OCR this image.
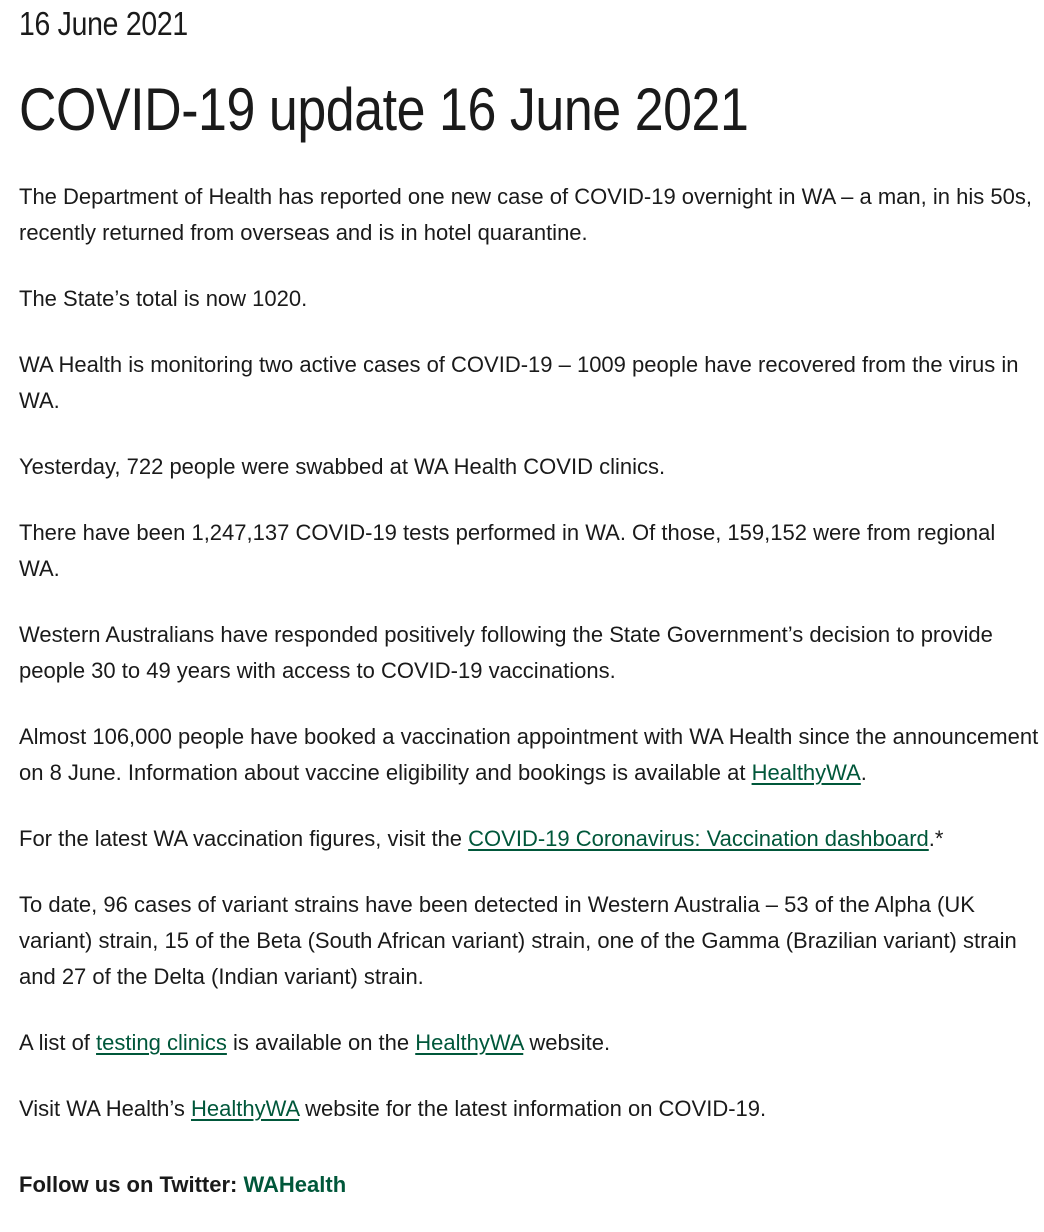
16 June 2021
COVID-19 update 16 June 2021

The Department of Health has reported one new case of COVID-19 overnight in WA – a man, in his 50s, recently returned from overseas and is in hotel quarantine.

The State’s total is now 1020.

WA Health is monitoring two active cases of COVID-19 – 1009 people have recovered from the virus in WA.

Yesterday, 722 people were swabbed at WA Health COVID clinics.

There have been 1,247,137 COVID-19 tests performed in WA. Of those, 159,152 were from regional WA.

Western Australians have responded positively following the State Government’s decision to provide people 30 to 49 years with access to COVID-19 vaccinations.

Almost 106,000 people have booked a vaccination appointment with WA Health since the announcement on 8 June. Information about vaccine eligibility and bookings is available at HealthyWA.

For the latest WA vaccination figures, visit the COVID-19 Coronavirus: Vaccination dashboard.*

To date, 96 cases of variant strains have been detected in Western Australia – 53 of the Alpha (UK variant) strain, 15 of the Beta (South African variant) strain, one of the Gamma (Brazilian variant) strain and 27 of the Delta (Indian variant) strain.

A list of testing clinics is available on the HealthyWA website.

Visit WA Health’s HealthyWA website for the latest information on COVID-19.

Follow us on Twitter: WAHealth
